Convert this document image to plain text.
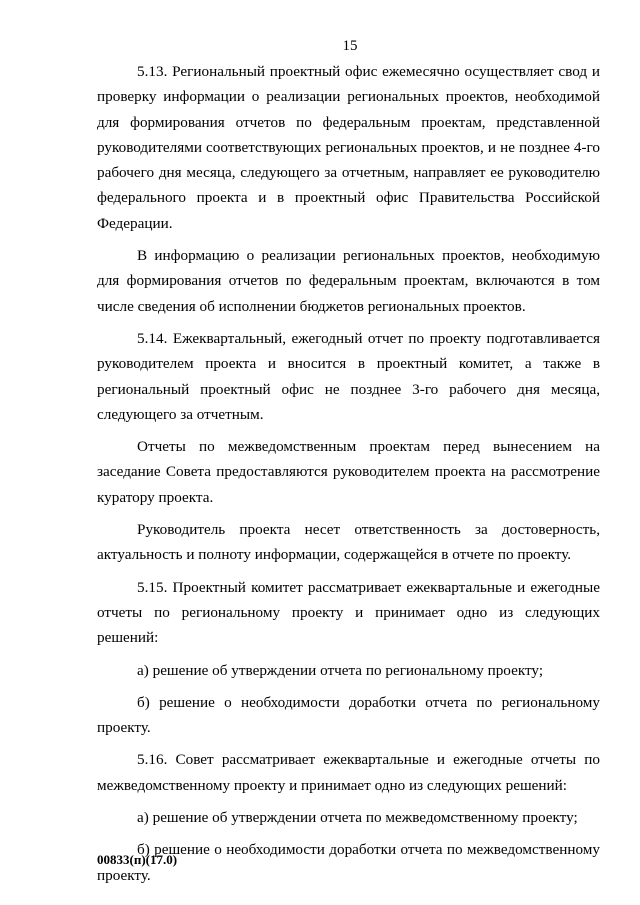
15

5.13. Региональный проектный офис ежемесячно осуществляет свод и проверку информации о реализации региональных проектов, необходимой для формирования отчетов по федеральным проектам, представленной руководителями соответствующих региональных проектов, и не позднее 4-го рабочего дня месяца, следующего за отчетным, направляет ее руководителю федерального проекта и в проектный офис Правительства Российской Федерации.

В информацию о реализации региональных проектов, необходимую для формирования отчетов по федеральным проектам, включаются в том числе сведения об исполнении бюджетов региональных проектов.

5.14. Ежеквартальный, ежегодный отчет по проекту подготавливается руководителем проекта и вносится в проектный комитет, а также в региональный проектный офис не позднее 3-го рабочего дня месяца, следующего за отчетным.

Отчеты по межведомственным проектам перед вынесением на заседание Совета предоставляются руководителем проекта на рассмотрение куратору проекта.

Руководитель проекта несет ответственность за достоверность, актуальность и полноту информации, содержащейся в отчете по проекту.

5.15. Проектный комитет рассматривает ежеквартальные и ежегодные отчеты по региональному проекту и принимает одно из следующих решений:

а) решение об утверждении отчета по региональному проекту;

б) решение о необходимости доработки отчета по региональному проекту.

5.16. Совет рассматривает ежеквартальные и ежегодные отчеты по межведомственному проекту и принимает одно из следующих решений:

а) решение об утверждении отчета по межведомственному проекту;

б) решение о необходимости доработки отчета по межведомственному проекту.

00833(п)(17.0)
